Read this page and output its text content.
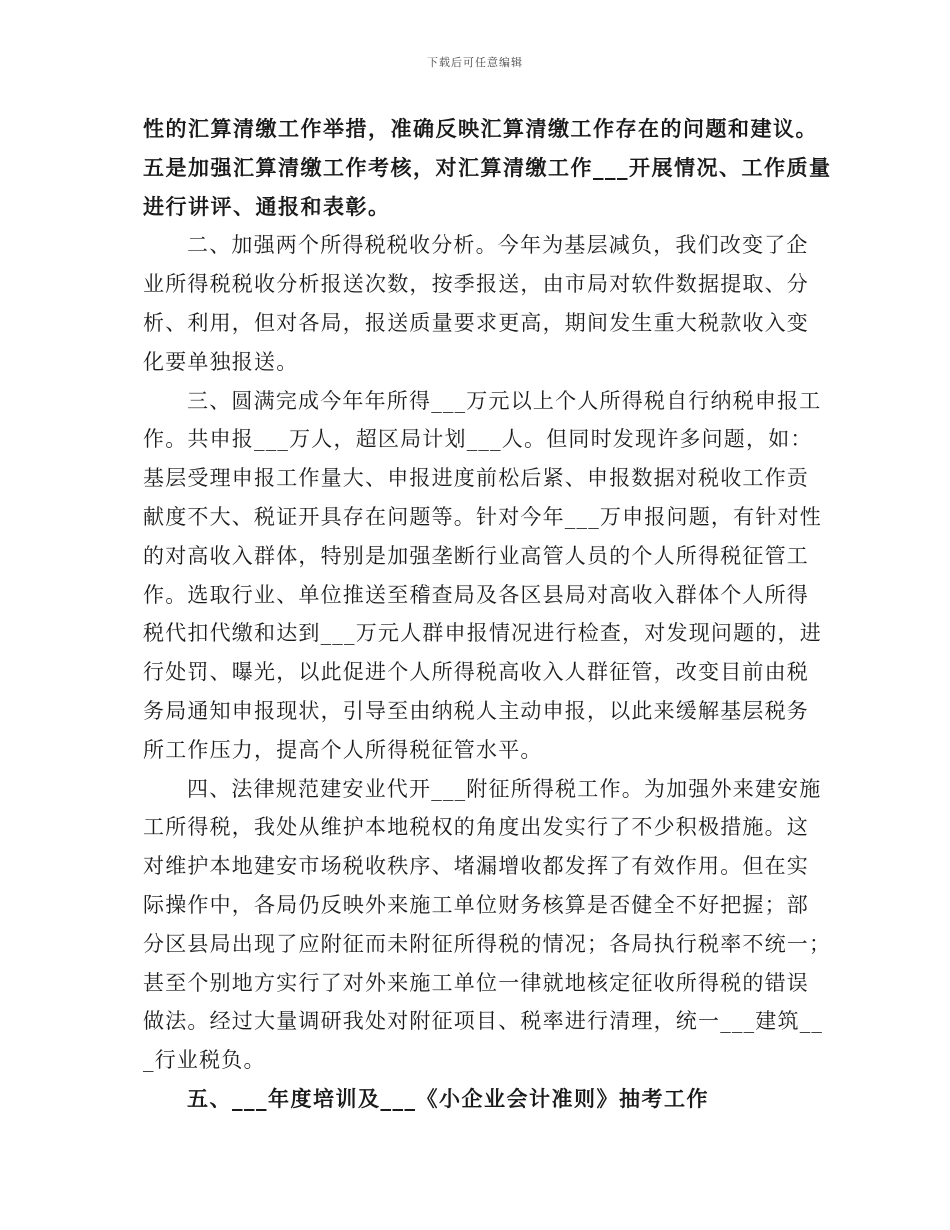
下载后可任意编辑
性的汇算清缴工作举措，准确反映汇算清缴工作存在的问题和建议。
五是加强汇算清缴工作考核，对汇算清缴工作___开展情况、工作质量
进行讲评、通报和表彰。
二、加强两个所得税税收分析。今年为基层减负，我们改变了企
业所得税税收分析报送次数，按季报送，由市局对软件数据提取、分
析、利用，但对各局，报送质量要求更高，期间发生重大税款收入变
化要单独报送。
三、圆满完成今年年所得___万元以上个人所得税自行纳税申报工
作。共申报___万人，超区局计划___人。但同时发现许多问题，如：
基层受理申报工作量大、申报进度前松后紧、申报数据对税收工作贡
献度不大、税证开具存在问题等。针对今年___万申报问题，有针对性
的对高收入群体，特别是加强垄断行业高管人员的个人所得税征管工
作。选取行业、单位推送至稽查局及各区县局对高收入群体个人所得
税代扣代缴和达到___万元人群申报情况进行检查，对发现问题的，进
行处罚、曝光，以此促进个人所得税高收入人群征管，改变目前由税
务局通知申报现状，引导至由纳税人主动申报，以此来缓解基层税务
所工作压力，提高个人所得税征管水平。
四、法律规范建安业代开___附征所得税工作。为加强外来建安施
工所得税，我处从维护本地税权的角度出发实行了不少积极措施。这
对维护本地建安市场税收秩序、堵漏增收都发挥了有效作用。但在实
际操作中，各局仍反映外来施工单位财务核算是否健全不好把握；部
分区县局出现了应附征而未附征所得税的情况；各局执行税率不统一；
甚至个别地方实行了对外来施工单位一律就地核定征收所得税的错误
做法。经过大量调研我处对附征项目、税率进行清理，统一___建筑__
_行业税负。
五、___年度培训及___《小企业会计准则》抽考工作
